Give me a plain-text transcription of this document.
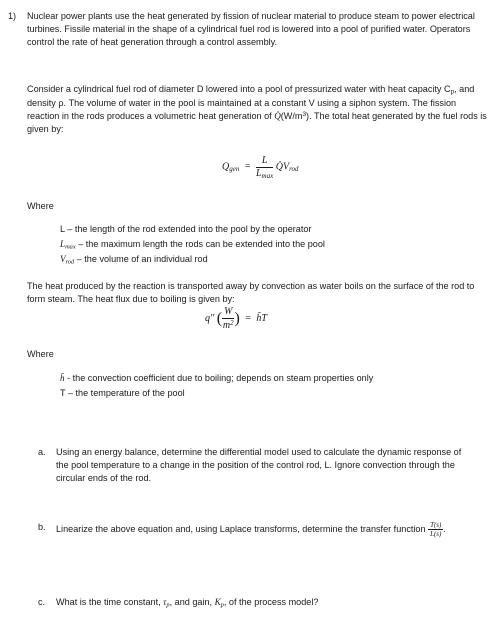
1) Nuclear power plants use the heat generated by fission of nuclear material to produce steam to power electrical turbines. Fissile material in the shape of a cylindrical fuel rod is lowered into a pool of purified water. Operators control the rate of heat generation through a control assembly.

Consider a cylindrical fuel rod of diameter D lowered into a pool of pressurized water with heat capacity $C_p$, and density ρ. The volume of water in the pool is maintained at a constant V using a siphon system. The fission reaction in the rods produces a volumetric heat generation of $Q̇(W/m^3)$. The total heat generated by the fuel rods is given by:

$Q_{gen} = \frac{L}{L_{max}}$ $Q̇V_{rod}$
Where
L – the length of the rod extended into the pool by the operator
$L_{max}$ – the maximum length the rods can be extended into the pool
$V_{rod}$ – the volume of an individual rod

The heat produced by the reaction is transported away by convection as water boils on the surface of the rod to form steam. The heat flux due to boiling is given by:

q'' ( $\frac{W}{m^2}$ ) = h̄T
Where
h̄ - the convection coefficient due to boiling; depends on steam properties only
T – the temperature of the pool
a.	Using an energy balance, determine the differential model used to calculate the dynamic response of the pool temperature to a change in the position of the control rod, L. Ignore convection through the circular ends of the rod.

b.	Linearize the above equation and, using Laplace transforms, determine the transfer function $\frac{T(s)}{L(s)}$ .

c.	What is the time constant, $\tau_p$, and gain, $K_p$, of the process model?
